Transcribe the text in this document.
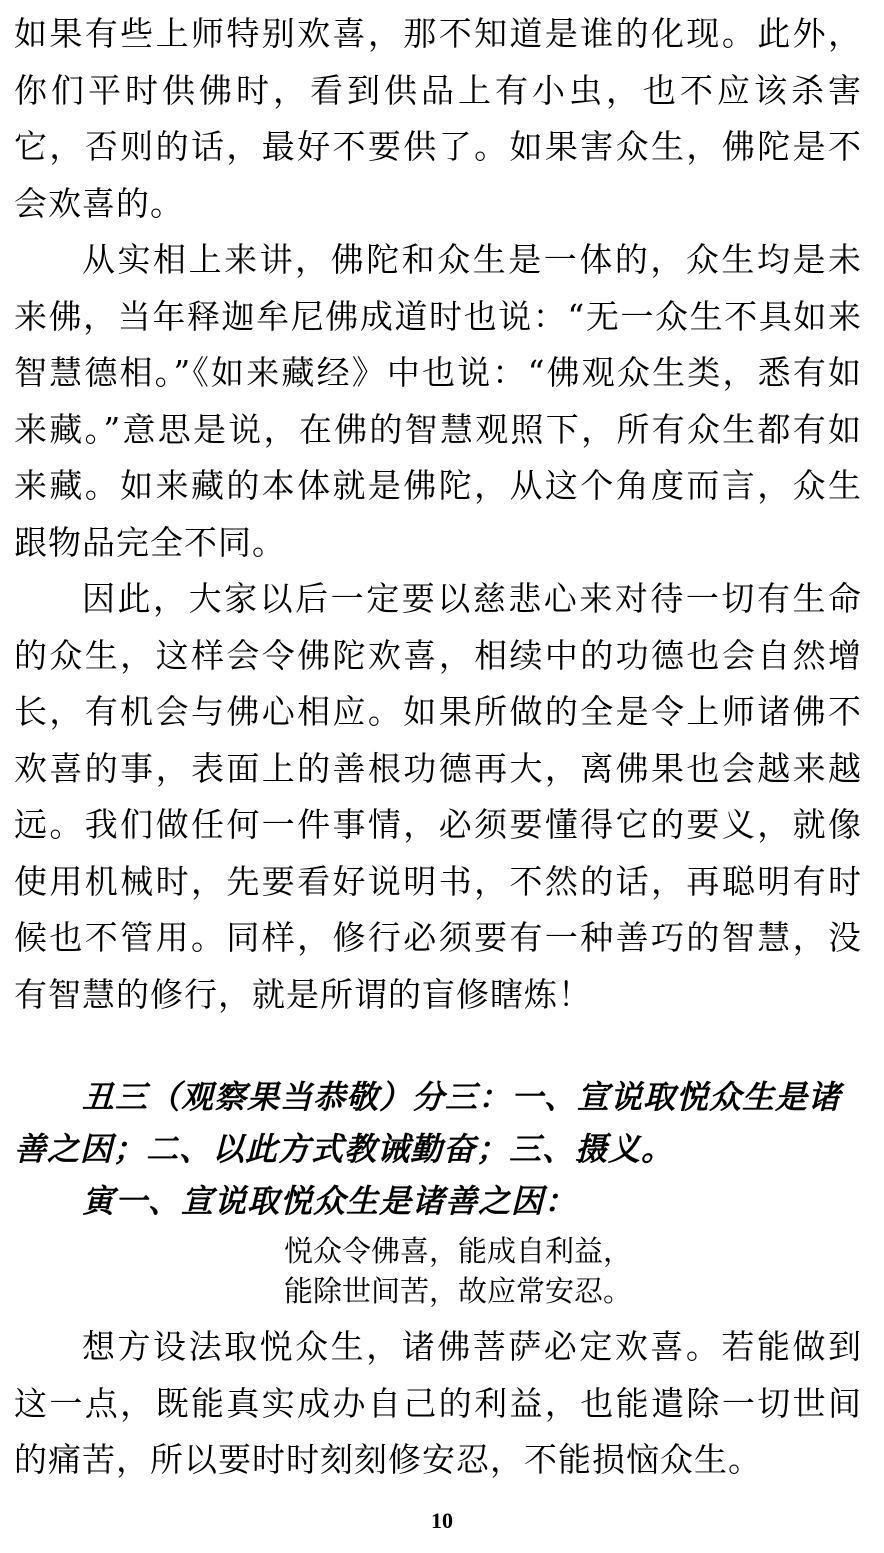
如果有些上师特别欢喜，那不知道是谁的化现。此外，你们平时供佛时，看到供品上有小虫，也不应该杀害它，否则的话，最好不要供了。如果害众生，佛陀是不会欢喜的。

从实相上来讲，佛陀和众生是一体的，众生均是未来佛，当年释迦牟尼佛成道时也说：“无一众生不具如来智慧德相。”《如来藏经》中也说：“佛观众生类，悉有如来藏。”意思是说，在佛的智慧观照下，所有众生都有如来藏。如来藏的本体就是佛陀，从这个角度而言，众生跟物品完全不同。

因此，大家以后一定要以慈悲心来对待一切有生命的众生，这样会令佛陀欢喜，相续中的功德也会自然增长，有机会与佛心相应。如果所做的全是令上师诸佛不欢喜的事，表面上的善根功德再大，离佛果也会越来越远。我们做任何一件事情，必须要懂得它的要义，就像使用机械时，先要看好说明书，不然的话，再聪明有时候也不管用。同样，修行必须要有一种善巧的智慧，没有智慧的修行，就是所谓的盲修瞎炼！

丑三（观察果当恭敬）分三：一、宣说取悦众生是诸善之因；二、以此方式教诫勤奋；三、摄义。

寅一、宣说取悦众生是诸善之因：

悦众令佛喜，能成自利益，

能除世间苦，故应常安忍。

想方设法取悦众生，诸佛菩萨必定欢喜。若能做到这一点，既能真实成办自己的利益，也能遣除一切世间的痛苦，所以要时时刻刻修安忍，不能损恼众生。

10
